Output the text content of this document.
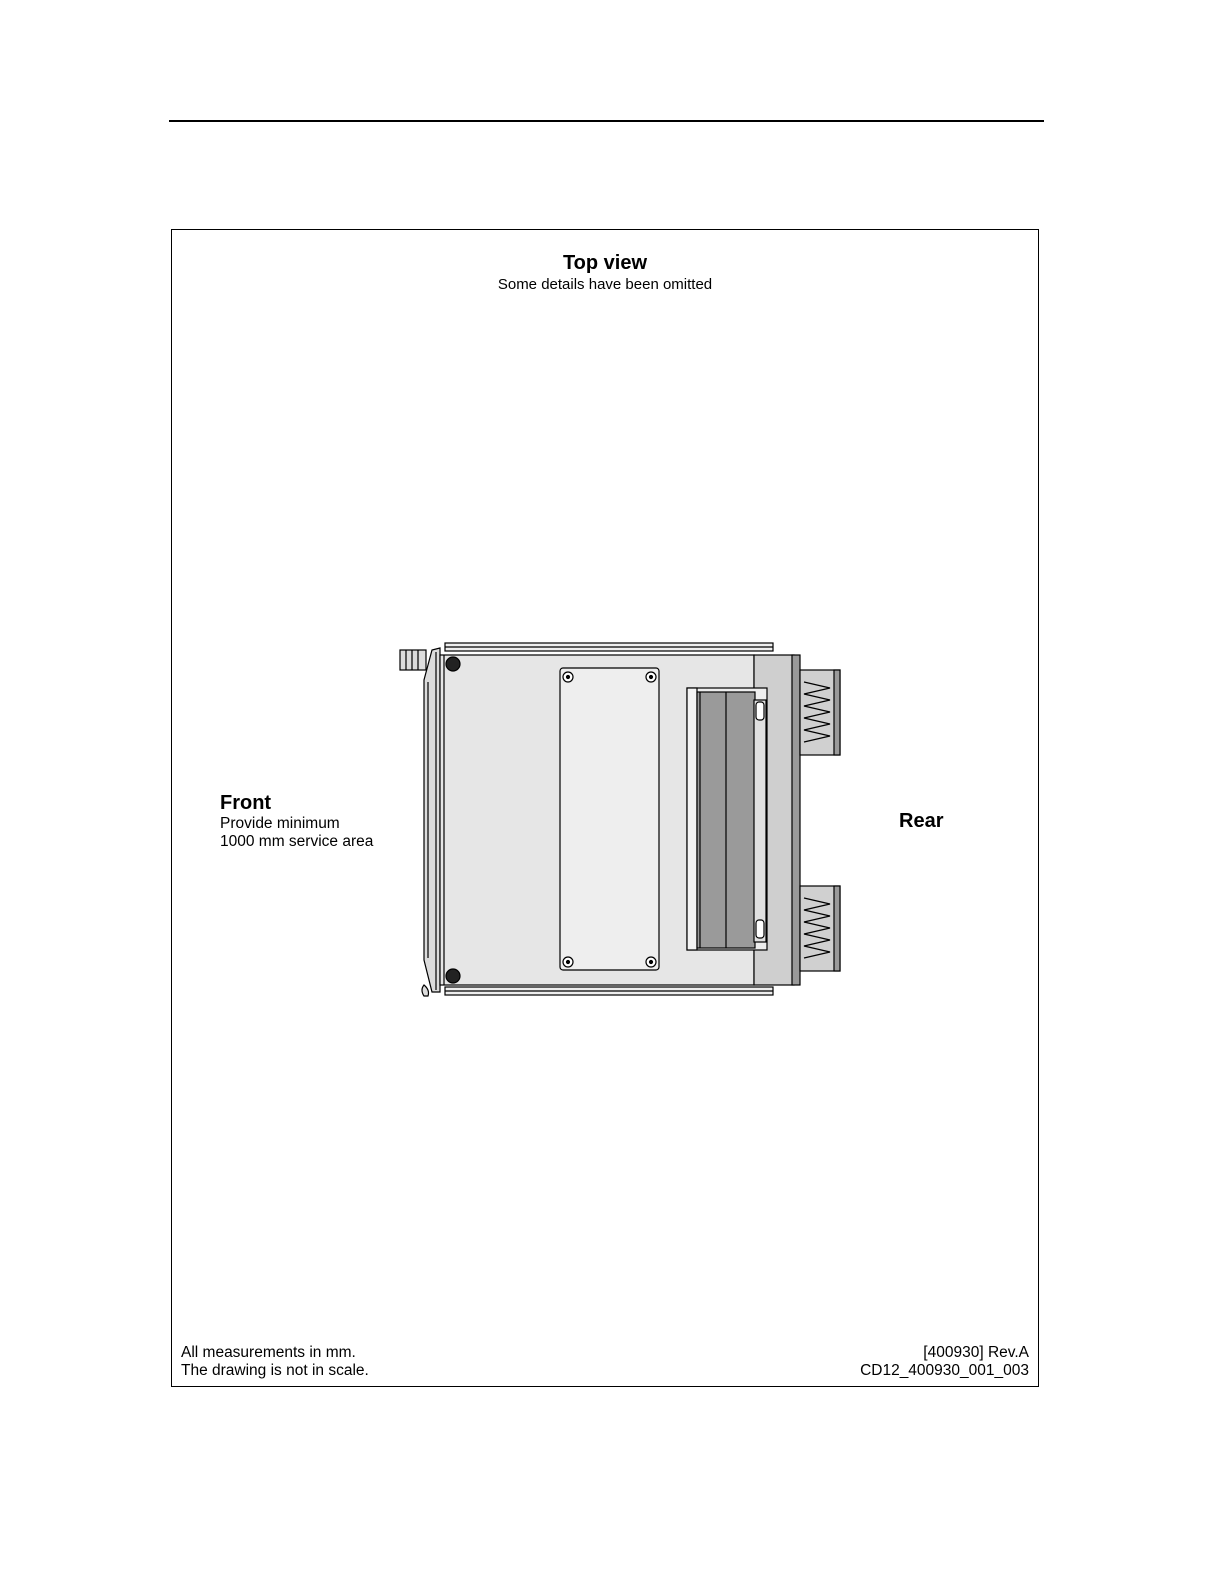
Top view
Some details have been omitted
Front
Provide minimum
1000 mm service area
Rear
All measurements in mm.
The drawing is not in scale.
[400930] Rev.A
CD12_400930_001_003
